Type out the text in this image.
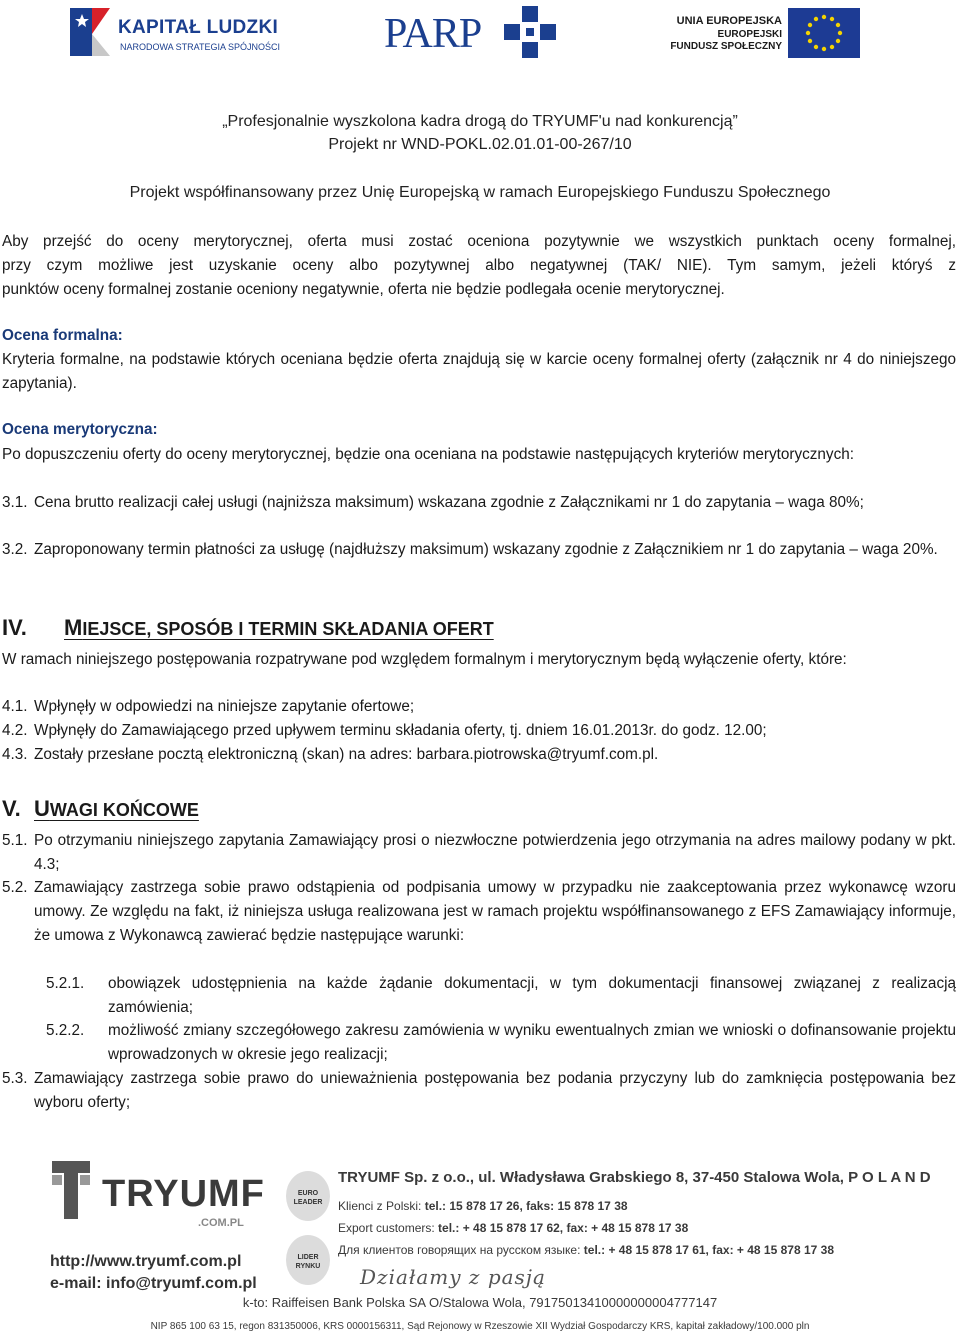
KAPITAŁ LUDZKI
NARODOWA STRATEGIA SPÓJNOŚCI PARP	UNIA EUROPEJSKA
EUROPEJSKI
FUNDUSZ SPOŁECZNY
„Profesjonalnie wyszkolona kadra drogą do TRYUMF'u nad konkurencją”
Projekt nr WND-POKL.02.01.01-00-267/10
Projekt współfinansowany przez Unię Europejską w ramach Europejskiego Funduszu Społecznego
Aby przejść do oceny merytorycznej, oferta musi zostać oceniona pozytywnie we wszystkich punktach oceny formalnej,
przy czym możliwe jest uzyskanie oceny albo pozytywnej albo negatywnej (TAK/ NIE). Tym samym, jeżeli któryś z
punktów oceny formalnej zostanie oceniony negatywnie, oferta nie będzie podlegała ocenie merytorycznej.
Ocena formalna:
Kryteria formalne, na podstawie których oceniana będzie oferta znajdują się w karcie oceny formalnej oferty (załącznik nr 4 do niniejszego zapytania).
Ocena merytoryczna:
Po dopuszczeniu oferty do oceny merytorycznej, będzie ona oceniana na podstawie następujących kryteriów merytorycznych:
3.1. Cena brutto realizacji całej usługi (najniższa maksimum) wskazana zgodnie z Załącznikami nr 1 do zapytania – waga 80%;
3.2. Zaproponowany termin płatności za usługę (najdłuższy maksimum) wskazany zgodnie z Załącznikiem nr 1 do zapytania – waga 20%.
IV. MIEJSCE, SPOSÓB I TERMIN SKŁADANIA OFERT
W ramach niniejszego postępowania rozpatrywane pod względem formalnym i merytorycznym będą wyłączenie oferty, które:
4.1. Wpłynęły w odpowiedzi na niniejsze zapytanie ofertowe;
4.2. Wpłynęły do Zamawiającego przed upływem terminu składania oferty, tj. dniem 16.01.2013r. do godz. 12.00;
4.3. Zostały przesłane pocztą elektroniczną (skan) na adres: barbara.piotrowska@tryumf.com.pl.
V. UWAGI KOŃCOWE
5.1. Po otrzymaniu niniejszego zapytania Zamawiający prosi o niezwłoczne potwierdzenia jego otrzymania na adres mailowy podany w pkt. 4.3;
5.2. Zamawiający zastrzega sobie prawo odstąpienia od podpisania umowy w przypadku nie zaakceptowania przez wykonawcę wzoru umowy. Ze względu na fakt, iż niniejsza usługa realizowana jest w ramach projektu współfinansowanego z EFS Zamawiający informuje, że umowa z Wykonawcą zawierać będzie następujące warunki:
5.2.1. obowiązek udostępnienia na każde żądanie dokumentacji, w tym dokumentacji finansowej związanej z realizacją zamówienia;
5.2.2. możliwość zmiany szczegółowego zakresu zamówienia w wyniku ewentualnych zmian we wnioski o dofinansowanie projektu wprowadzonych w okresie jego realizacji;
5.3. Zamawiający zastrzega sobie prawo do unieważnienia postępowania bez podania przyczyny lub do zamknięcia postępowania bez wyboru oferty;
TRYUMF
.COM.PL
http://www.tryumf.com.pl
e-mail: info@tryumf.com.pl
EURO LEADER
LIDER RYNKU
TRYUMF Sp. z o.o., ul. Władysława Grabskiego 8, 37-450 Stalowa Wola, P O L A N D
Klienci z Polski: tel.: 15 878 17 26, faks: 15 878 17 38
Export customers: tel.: + 48 15 878 17 62, fax: + 48 15 878 17 38
Для клиентов говорящих на русском языке: tel.: + 48 15 878 17 61, fax: + 48 15 878 17 38
Działamy z pasją
k-to: Raiffeisen Bank Polska SA O/Stalowa Wola, 79175013410000000004777147
NIP 865 100 63 15, regon 831350006, KRS 0000156311, Sąd Rejonowy w Rzeszowie XII Wydział Gospodarczy KRS, kapitał zakładowy/100.000 pln
